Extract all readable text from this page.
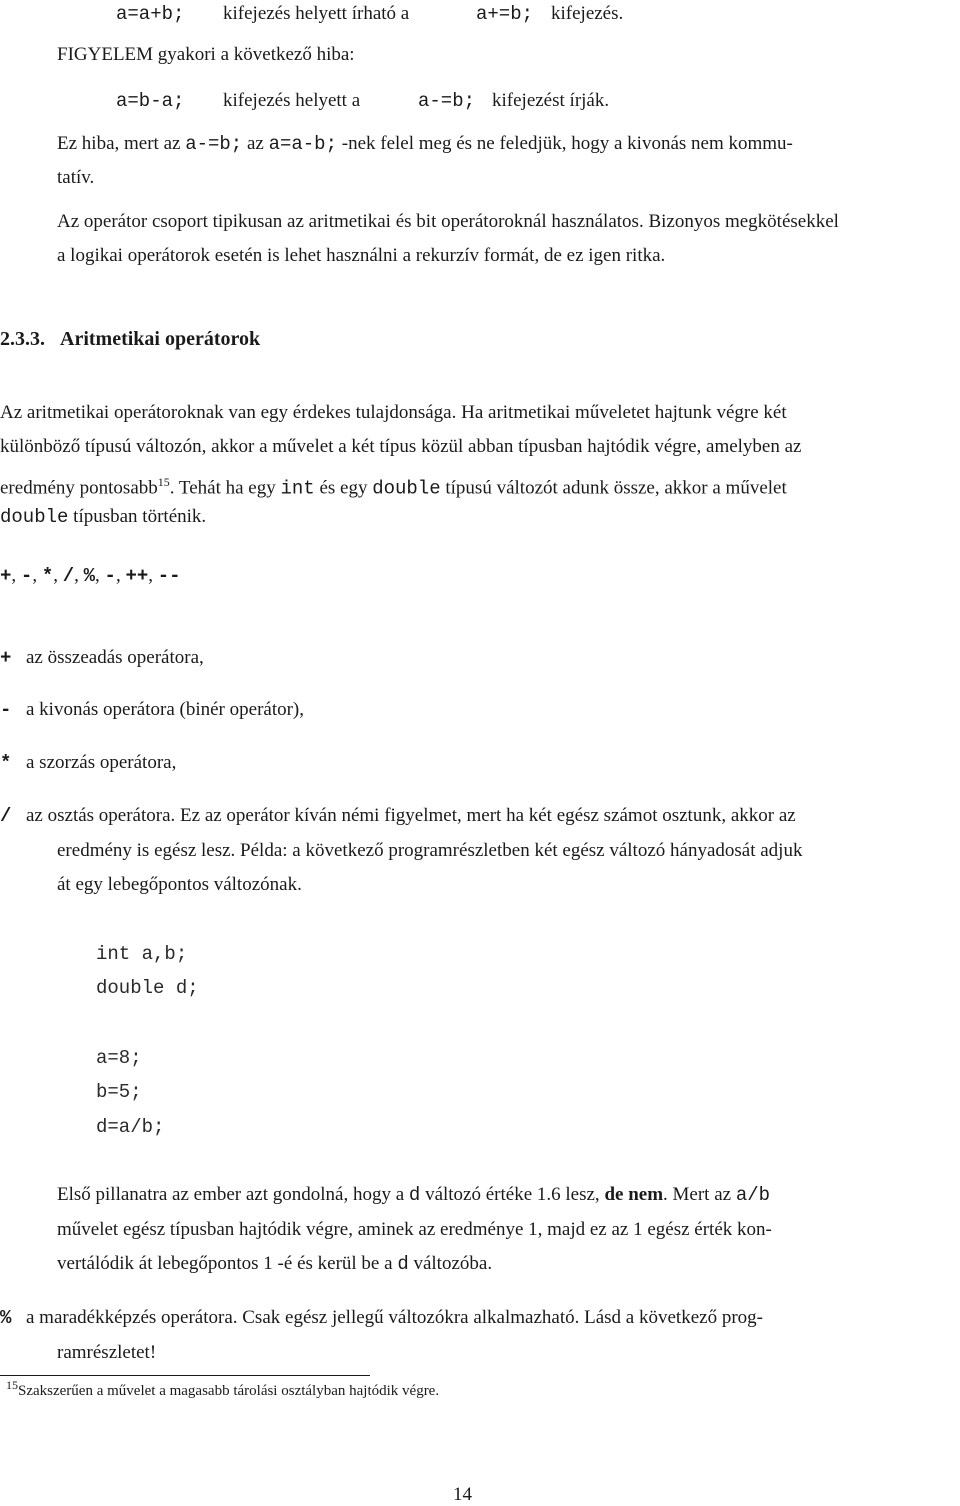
a=a+b; kifejezés helyett írható a	a+=b; kifejezés.
FIGYELEM gyakori a következő hiba:
a=b-a; kifejezés helyett a	a-=b; kifejezést írják.
Ez hiba, mert az a-=b; az a=a-b; -nek felel meg és ne feledjük, hogy a kivonás nem kommu-
tatív.
Az operátor csoport tipikusan az aritmetikai és bit operátoroknál használatos. Bizonyos megkötésekkel
a logikai operátorok esetén is lehet használni a rekurzív formát, de ez igen ritka.
2.3.3. Aritmetikai operátorok
Az aritmetikai operátoroknak van egy érdekes tulajdonsága. Ha aritmetikai műveletet hajtunk végre két
különböző típusú változón, akkor a művelet a két típus közül abban típusban hajtódik végre, amelyben az
eredmény pontosabb$^{15}$. Tehát ha egy int és egy double típusú változót adunk össze, akkor a művelet
double típusban történik.
+, -, *, /, %, -, ++, --
+ az összeadás operátora,
- a kivonás operátora (binér operátor),
* a szorzás operátora,
/ az osztás operátora. Ez az operátor kíván némi figyelmet, mert ha két egész számot osztunk, akkor az
eredmény is egész lesz. Példa: a következő programrészletben két egész változó hányadosát adjuk
át egy lebegőpontos változónak.
int a,b;
double d;
a=8;
b=5;
d=a/b;
Első pillanatra az ember azt gondolná, hogy a d változó értéke 1.6 lesz, de nem. Mert az a/b
művelet egész típusban hajtódik végre, aminek az eredménye 1, majd ez az 1 egész érték kon-
vertálódik át lebegőpontos 1 -é és kerül be a d változóba.
% a maradékképzés operátora. Csak egész jellegű változókra alkalmazható. Lásd a következő prog-
ramrészletet!
$^{15}$Szakszerűen a művelet a magasabb tárolási osztályban hajtódik végre.
14
